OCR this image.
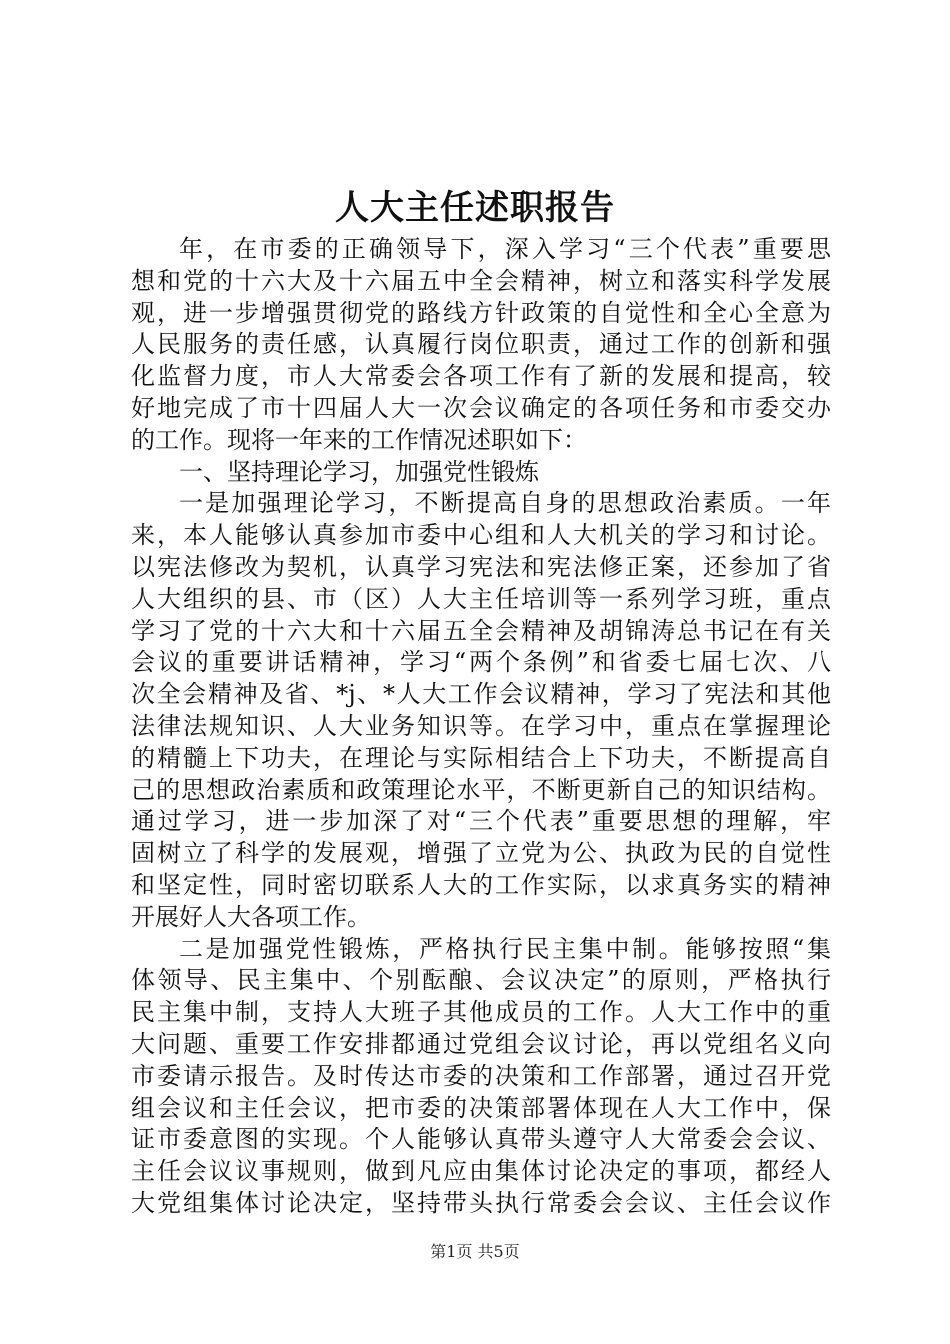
人大主任述职报告
年，在市委的正确领导下，深入学习“三个代表”重要思
想和党的十六大及十六届五中全会精神，树立和落实科学发展
观，进一步增强贯彻党的路线方针政策的自觉性和全心全意为
人民服务的责任感，认真履行岗位职责，通过工作的创新和强
化监督力度，市人大常委会各项工作有了新的发展和提高，较
好地完成了市十四届人大一次会议确定的各项任务和市委交办
的工作。现将一年来的工作情况述职如下：
一、坚持理论学习，加强党性锻炼
一是加强理论学习，不断提高自身的思想政治素质。一年
来，本人能够认真参加市委中心组和人大机关的学习和讨论。
以宪法修改为契机，认真学习宪法和宪法修正案，还参加了省
人大组织的县、市（区）人大主任培训等一系列学习班，重点
学习了党的十六大和十六届五全会精神及胡锦涛总书记在有关
会议的重要讲话精神，学习“两个条例”和省委七届七次、八
次全会精神及省、*j、*人大工作会议精神，学习了宪法和其他
法律法规知识、人大业务知识等。在学习中，重点在掌握理论
的精髓上下功夫，在理论与实际相结合上下功夫，不断提高自
己的思想政治素质和政策理论水平，不断更新自己的知识结构。
通过学习，进一步加深了对“三个代表”重要思想的理解，牢
固树立了科学的发展观，增强了立党为公、执政为民的自觉性
和坚定性，同时密切联系人大的工作实际，以求真务实的精神
开展好人大各项工作。
二是加强党性锻炼，严格执行民主集中制。能够按照“集
体领导、民主集中、个别酝酿、会议决定”的原则，严格执行
民主集中制，支持人大班子其他成员的工作。人大工作中的重
大问题、重要工作安排都通过党组会议讨论，再以党组名义向
市委请示报告。及时传达市委的决策和工作部署，通过召开党
组会议和主任会议，把市委的决策部署体现在人大工作中，保
证市委意图的实现。个人能够认真带头遵守人大常委会会议、
主任会议议事规则，做到凡应由集体讨论决定的事项，都经人
大党组集体讨论决定，坚持带头执行常委会会议、主任会议作
第1页 共5页
